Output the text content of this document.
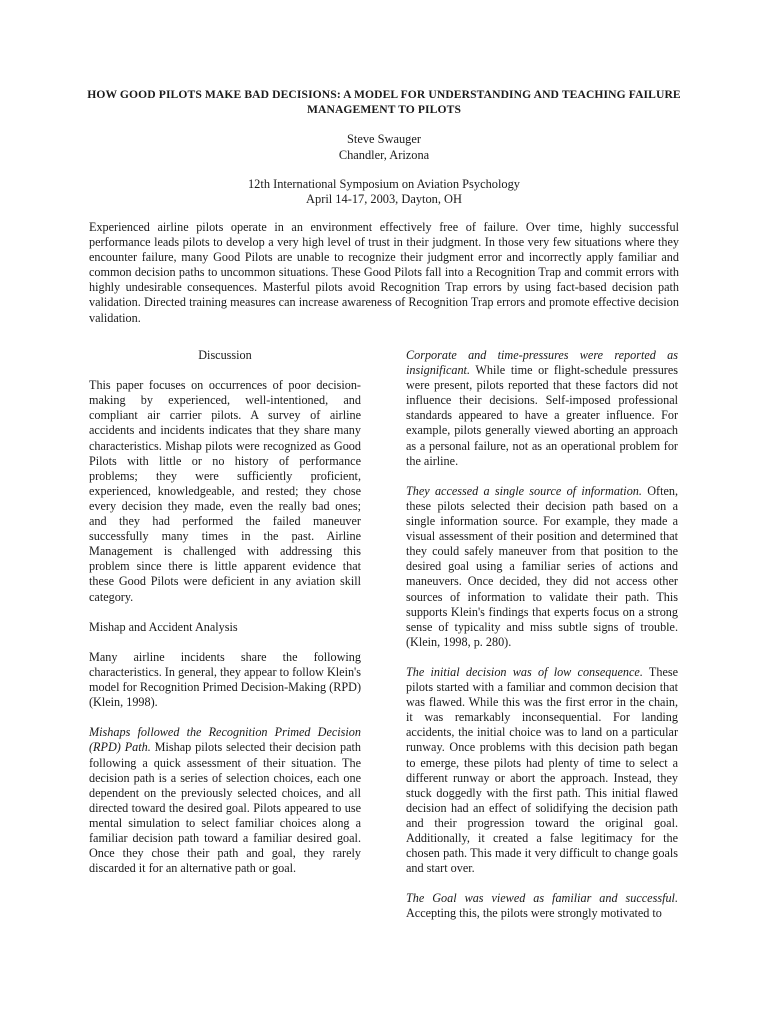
HOW GOOD PILOTS MAKE BAD DECISIONS: A MODEL FOR UNDERSTANDING AND TEACHING FAILURE MANAGEMENT TO PILOTS
Steve Swauger
Chandler, Arizona
12th International Symposium on Aviation Psychology
April 14-17, 2003, Dayton, OH
Experienced airline pilots operate in an environment effectively free of failure. Over time, highly successful performance leads pilots to develop a very high level of trust in their judgment. In those very few situations where they encounter failure, many Good Pilots are unable to recognize their judgment error and incorrectly apply familiar and common decision paths to uncommon situations. These Good Pilots fall into a Recognition Trap and commit errors with highly undesirable consequences. Masterful pilots avoid Recognition Trap errors by using fact-based decision path validation. Directed training measures can increase awareness of Recognition Trap errors and promote effective decision validation.

Discussion

This paper focuses on occurrences of poor decision-making by experienced, well-intentioned, and compliant air carrier pilots. A survey of airline accidents and incidents indicates that they share many characteristics. Mishap pilots were recognized as Good Pilots with little or no history of performance problems; they were sufficiently proficient, experienced, knowledgeable, and rested; they chose every decision they made, even the really bad ones; and they had performed the failed maneuver successfully many times in the past. Airline Management is challenged with addressing this problem since there is little apparent evidence that these Good Pilots were deficient in any aviation skill category.

Mishap and Accident Analysis

Many airline incidents share the following characteristics. In general, they appear to follow Klein's model for Recognition Primed Decision-Making (RPD) (Klein, 1998).

Mishaps followed the Recognition Primed Decision (RPD) Path. Mishap pilots selected their decision path following a quick assessment of their situation. The decision path is a series of selection choices, each one dependent on the previously selected choices, and all directed toward the desired goal. Pilots appeared to use mental simulation to select familiar choices along a familiar decision path toward a familiar desired goal. Once they chose their path and goal, they rarely discarded it for an alternative path or goal.

Corporate and time-pressures were reported as insignificant. While time or flight-schedule pressures were present, pilots reported that these factors did not influence their decisions. Self-imposed professional standards appeared to have a greater influence. For example, pilots generally viewed aborting an approach as a personal failure, not as an operational problem for the airline.

They accessed a single source of information. Often, these pilots selected their decision path based on a single information source. For example, they made a visual assessment of their position and determined that they could safely maneuver from that position to the desired goal using a familiar series of actions and maneuvers. Once decided, they did not access other sources of information to validate their path. This supports Klein's findings that experts focus on a strong sense of typicality and miss subtle signs of trouble. (Klein, 1998, p. 280).

The initial decision was of low consequence. These pilots started with a familiar and common decision that was flawed. While this was the first error in the chain, it was remarkably inconsequential. For landing accidents, the initial choice was to land on a particular runway. Once problems with this decision path began to emerge, these pilots had plenty of time to select a different runway or abort the approach. Instead, they stuck doggedly with the first path. This initial flawed decision had an effect of solidifying the decision path and their progression toward the original goal. Additionally, it created a false legitimacy for the chosen path. This made it very difficult to change goals and start over.

The Goal was viewed as familiar and successful. Accepting this, the pilots were strongly motivated to
